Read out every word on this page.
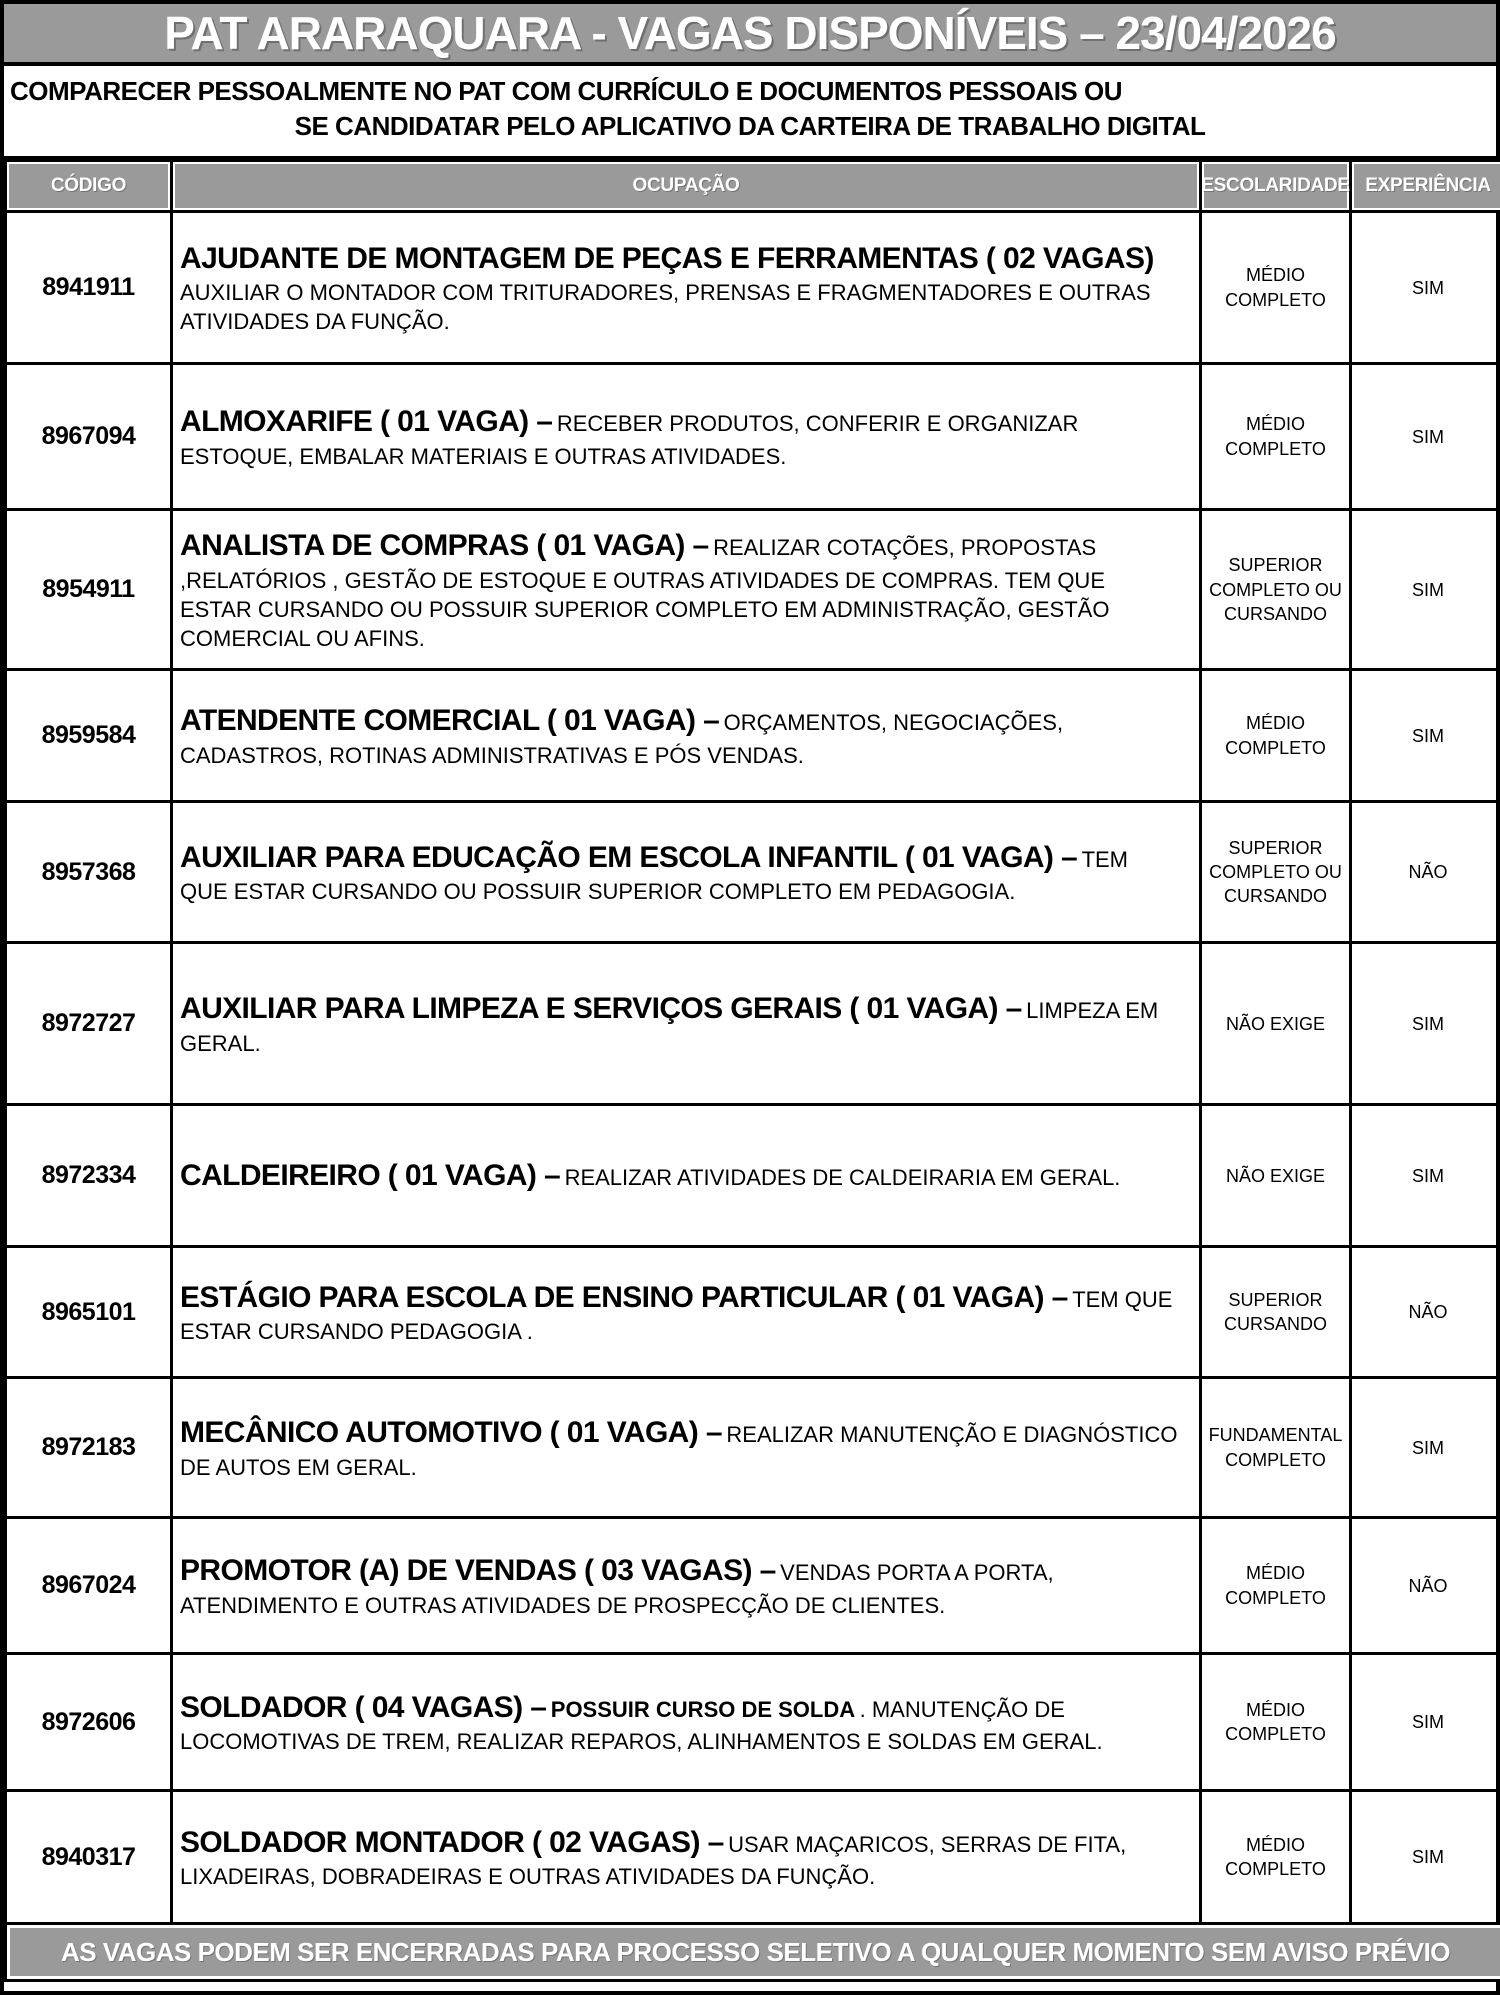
PAT ARARAQUARA - VAGAS DISPONÍVEIS – 23/04/2026
COMPARECER PESSOALMENTE NO PAT COM CURRÍCULO E DOCUMENTOS PESSOAIS OU
SE CANDIDATAR PELO APLICATIVO DA CARTEIRA DE TRABALHO DIGITAL
CÓDIGO	OCUPAÇÃO	ESCOLARIDADE	EXPERIÊNCIA

8941911	AJUDANTE DE MONTAGEM DE PEÇAS E FERRAMENTAS ( 02 VAGAS) AUXILIAR O MONTADOR COM TRITURADORES, PRENSAS E FRAGMENTADORES E OUTRAS ATIVIDADES DA FUNÇÃO.	MÉDIO COMPLETO	SIM
8967094	ALMOXARIFE ( 01 VAGA) – RECEBER PRODUTOS, CONFERIR E ORGANIZAR ESTOQUE, EMBALAR MATERIAIS E OUTRAS ATIVIDADES.	MÉDIO COMPLETO	SIM
8954911	ANALISTA DE COMPRAS ( 01 VAGA) – REALIZAR COTAÇÕES, PROPOSTAS ,RELATÓRIOS , GESTÃO DE ESTOQUE E OUTRAS ATIVIDADES DE COMPRAS. TEM QUE ESTAR CURSANDO OU POSSUIR SUPERIOR COMPLETO EM ADMINISTRAÇÃO, GESTÃO COMERCIAL OU AFINS.	SUPERIOR COMPLETO OU CURSANDO	SIM
8959584	ATENDENTE COMERCIAL ( 01 VAGA) – ORÇAMENTOS, NEGOCIAÇÕES, CADASTROS, ROTINAS ADMINISTRATIVAS E PÓS VENDAS.	MÉDIO COMPLETO	SIM
8957368	AUXILIAR PARA EDUCAÇÃO EM ESCOLA INFANTIL ( 01 VAGA) – TEM QUE ESTAR CURSANDO OU POSSUIR SUPERIOR COMPLETO EM PEDAGOGIA.	SUPERIOR COMPLETO OU CURSANDO	NÃO
8972727	AUXILIAR PARA LIMPEZA E SERVIÇOS GERAIS ( 01 VAGA) – LIMPEZA EM GERAL.	NÃO EXIGE	SIM
8972334	CALDEIREIRO ( 01 VAGA) – REALIZAR ATIVIDADES DE CALDEIRARIA EM GERAL.	NÃO EXIGE	SIM
8965101	ESTÁGIO PARA ESCOLA DE ENSINO PARTICULAR ( 01 VAGA) – TEM QUE ESTAR CURSANDO PEDAGOGIA .	SUPERIOR CURSANDO	NÃO
8972183	MECÂNICO AUTOMOTIVO ( 01 VAGA) – REALIZAR MANUTENÇÃO E DIAGNÓSTICO DE AUTOS EM GERAL.	FUNDAMENTAL COMPLETO	SIM
8967024	PROMOTOR (A) DE VENDAS ( 03 VAGAS) – VENDAS PORTA A PORTA, ATENDIMENTO E OUTRAS ATIVIDADES DE PROSPECÇÃO DE CLIENTES.	MÉDIO COMPLETO	NÃO
8972606	SOLDADOR ( 04 VAGAS) – POSSUIR CURSO DE SOLDA . MANUTENÇÃO DE LOCOMOTIVAS DE TREM, REALIZAR REPAROS, ALINHAMENTOS E SOLDAS EM GERAL.	MÉDIO COMPLETO	SIM
8940317	SOLDADOR MONTADOR ( 02 VAGAS) – USAR MAÇARICOS, SERRAS DE FITA, LIXADEIRAS, DOBRADEIRAS E OUTRAS ATIVIDADES DA FUNÇÃO.	MÉDIO COMPLETO	SIM

AS VAGAS PODEM SER ENCERRADAS PARA PROCESSO SELETIVO A QUALQUER MOMENTO SEM AVISO PRÉVIO			
